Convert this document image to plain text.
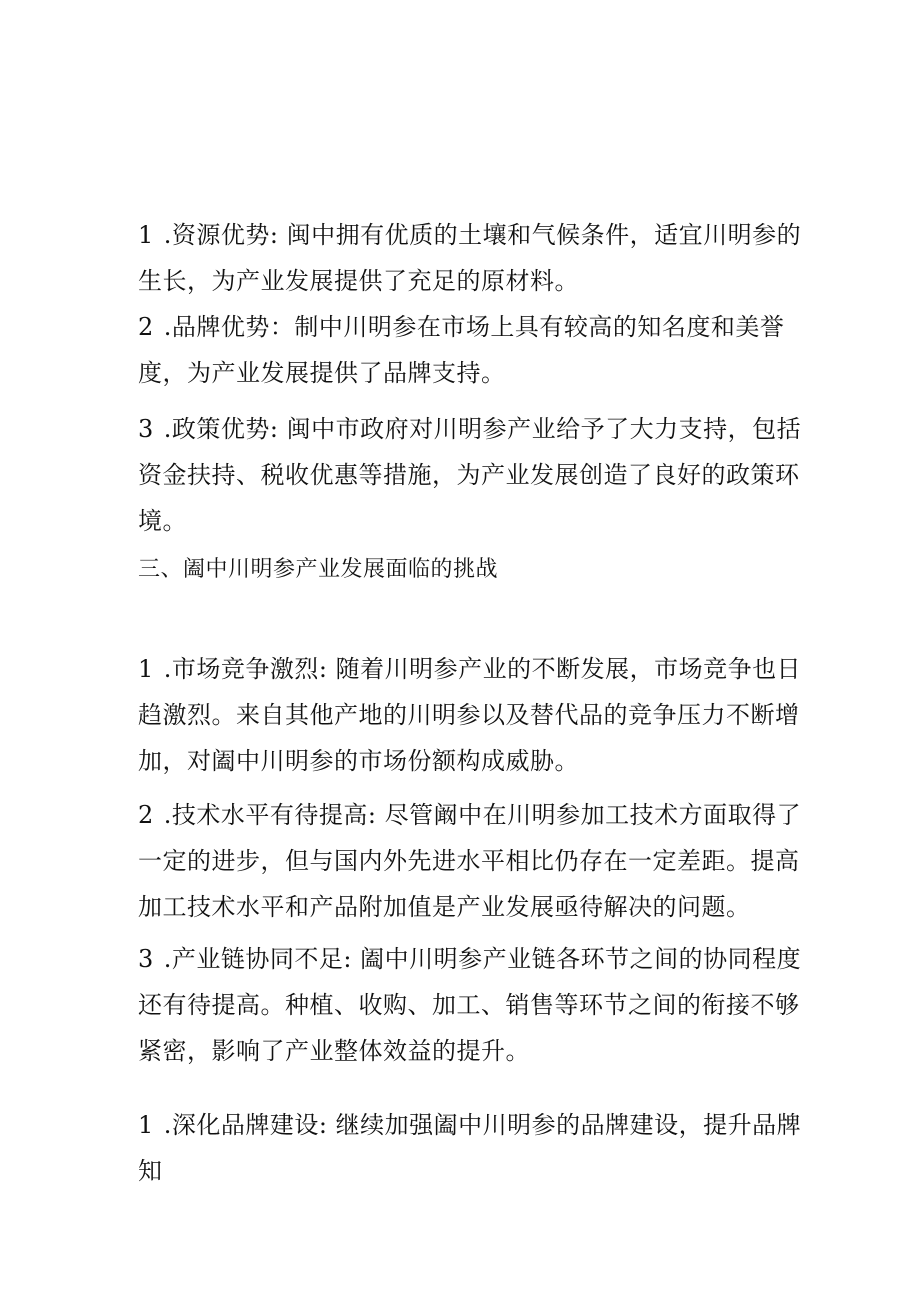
1 .资源优势: 闽中拥有优质的土壤和气候条件，适宜川明参的生长，为产业发展提供了充足的原材料。

2 .品牌优势：制中川明参在市场上具有较高的知名度和美誉度，为产业发展提供了品牌支持。

3 .政策优势: 闽中市政府对川明参产业给予了大力支持，包括资金扶持、税收优惠等措施，为产业发展创造了良好的政策环境。

三、阖中川明参产业发展面临的挑战

1 .市场竞争激烈: 随着川明参产业的不断发展，市场竞争也日趋激烈。来自其他产地的川明参以及替代品的竞争压力不断增加，对阖中川明参的市场份额构成威胁。

2 .技术水平有待提高: 尽管阚中在川明参加工技术方面取得了一定的进步，但与国内外先进水平相比仍存在一定差距。提高加工技术水平和产品附加值是产业发展亟待解决的问题。

3 .产业链协同不足: 阖中川明参产业链各环节之间的协同程度还有待提高。种植、收购、加工、销售等环节之间的衔接不够紧密，影响了产业整体效益的提升。

1 .深化品牌建设: 继续加强阖中川明参的品牌建设，提升品牌知
